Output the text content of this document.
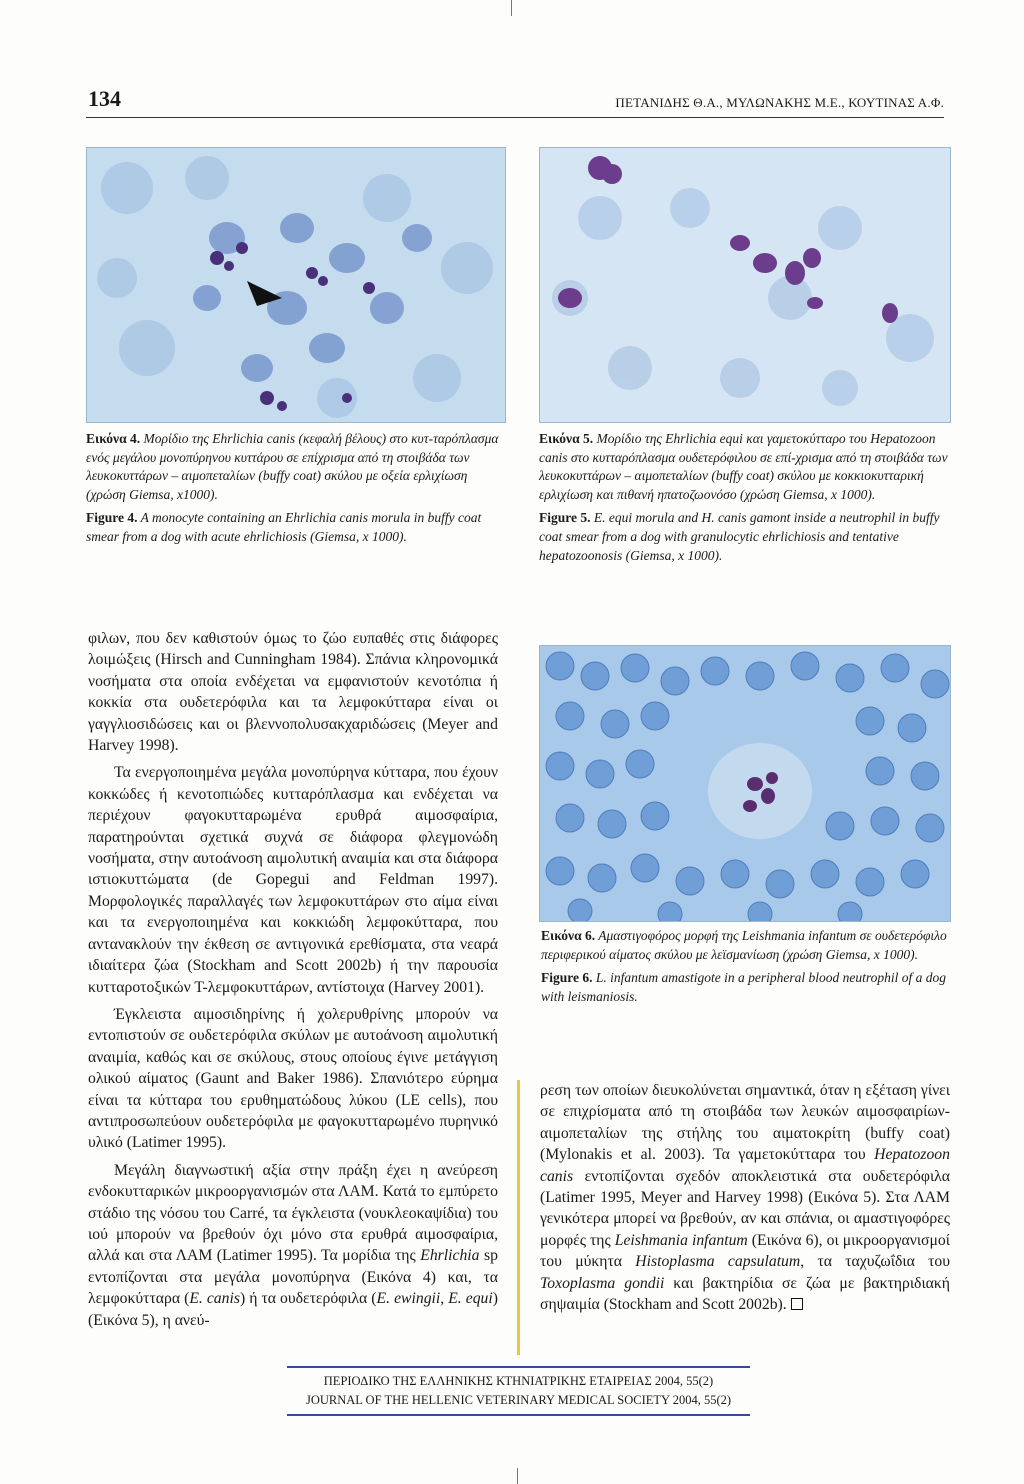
134	ΠΕΤΑΝΙΔΗΣ Θ.Α., ΜΥΛΩΝΑΚΗΣ Μ.Ε., ΚΟΥΤΙΝΑΣ Α.Φ.

Εικόνα 4. Μορίδιο της Ehrlichia canis (κεφαλή βέλους) στο κυτ-ταρόπλασμα ενός μεγάλου μονοπύρηνου κυττάρου σε επίχρισμα από τη στοιβάδα των λευκοκυττάρων – αιμοπεταλίων (buffy coat) σκύλου με οξεία ερλιχίωση (χρώση Giemsa, x1000).

Figure 4. A monocyte containing an Ehrlichia canis morula in buffy coat smear from a dog with acute ehrlichiosis (Giemsa, x 1000).

Εικόνα 5. Μορίδιο της Ehrlichia equi και γαμετοκύτταρο του Hepatozoon canis στο κυτταρόπλασμα ουδετερόφιλου σε επί-χρισμα από τη στοιβάδα των λευκοκυττάρων – αιμοπεταλίων (buffy coat) σκύλου με κοκκιοκυτταρική ερλιχίωση και πιθανή ηπατοζωονόσο (χρώση Giemsa, x 1000).

Figure 5. E. equi morula and H. canis gamont inside a neutrophil in buffy coat smear from a dog with granulocytic ehrlichiosis and tentative hepatozoonosis (Giemsa, x 1000).

φιλων, που δεν καθιστούν όμως το ζώο ευπαθές στις διάφορες λοιμώξεις (Hirsch and Cunningham 1984). Σπάνια κληρονομικά νοσήματα στα οποία ενδέχεται να εμφανιστούν κενοτόπια ή κοκκία στα ουδετερόφιλα και τα λεμφοκύτταρα είναι οι γαγγλιοσιδώσεις και οι βλεννοπολυσακχαριδώσεις (Meyer and Harvey 1998).

Τα ενεργοποιημένα μεγάλα μονοπύρηνα κύτταρα, που έχουν κοκκώδες ή κενοτοπιώδες κυτταρόπλασμα και ενδέχεται να περιέχουν φαγοκυτταρωμένα ερυθρά αιμοσφαίρια, παρατηρούνται σχετικά συχνά σε διάφορα φλεγμονώδη νοσήματα, στην αυτοάνοση αιμολυτική αναιμία και στα διάφορα ιστιοκυττώματα (de Gopegui and Feldman 1997). Μορφολογικές παραλλαγές των λεμφοκυττάρων στο αίμα είναι και τα ενεργοποιημένα και κοκκιώδη λεμφοκύτταρα, που αντανακλούν την έκθεση σε αντιγονικά ερεθίσματα, στα νεαρά ιδιαίτερα ζώα (Stockham and Scott 2002b) ή την παρουσία κυτταροτοξικών Τ-λεμφοκυττάρων, αντίστοιχα (Harvey 2001).

Έγκλειστα αιμοσιδηρίνης ή χολερυθρίνης μπορούν να εντοπιστούν σε ουδετερόφιλα σκύλων με αυτοάνοση αιμολυτική αναιμία, καθώς και σε σκύλους, στους οποίους έγινε μετάγγιση ολικού αίματος (Gaunt and Baker 1986). Σπανιότερο εύρημα είναι τα κύτταρα του ερυθηματώδους λύκου (LE cells), που αντιπροσωπεύουν ουδετερόφιλα με φαγοκυτταρωμένο πυρηνικό υλικό (Latimer 1995).

Μεγάλη διαγνωστική αξία στην πράξη έχει η ανεύρεση ενδοκυτταρικών μικροοργανισμών στα ΛΑΜ. Κατά το εμπύρετο στάδιο της νόσου του Carré, τα έγκλειστα (νουκλεοκαψίδια) του ιού μπορούν να βρεθούν όχι μόνο στα ερυθρά αιμοσφαίρια, αλλά και στα ΛΑΜ (Latimer 1995). Τα μορίδια της Ehrlichia sp εντοπίζονται στα μεγάλα μονοπύρηνα (Εικόνα 4) και, τα λεμφοκύτταρα (E. canis) ή τα ουδετερόφιλα (E. ewingii, E. equi) (Εικόνα 5), η ανεύ-

Εικόνα 6. Αμαστιγοφόρος μορφή της Leishmania infantum σε ουδετερόφιλο περιφερικού αίματος σκύλου με λεϊσμανίωση (χρώση Giemsa, x 1000).

Figure 6. L. infantum amastigote in a peripheral blood neutrophil of a dog with leismaniosis.

ρεση των οποίων διευκολύνεται σημαντικά, όταν η εξέταση γίνει σε επιχρίσματα από τη στοιβάδα των λευκών αιμοσφαιρίων-αιμοπεταλίων της στήλης του αιματοκρίτη (buffy coat) (Mylonakis et al. 2003). Τα γαμετοκύτταρα του Hepatozoon canis εντοπίζονται σχεδόν αποκλειστικά στα ουδετερόφιλα (Latimer 1995, Meyer and Harvey 1998) (Εικόνα 5). Στα ΛΑΜ γενικότερα μπορεί να βρεθούν, αν και σπάνια, οι αμαστιγοφόρες μορφές της Leishmania infantum (Εικόνα 6), οι μικροοργανισμοί του μύκητα Histoplasma capsulatum, τα ταχυζωΐδια του Toxoplasma gondii και βακτηρίδια σε ζώα με βακτηριδιακή σηψαιμία (Stockham and Scott 2002b).

ΠΕΡΙΟΔΙΚΟ ΤΗΣ ΕΛΛΗΝΙΚΗΣ ΚΤΗΝΙΑΤΡΙΚΗΣ ΕΤΑΙΡΕΙΑΣ 2004, 55(2)
JOURNAL OF THE HELLENIC VETERINARY MEDICAL SOCIETY 2004, 55(2)
